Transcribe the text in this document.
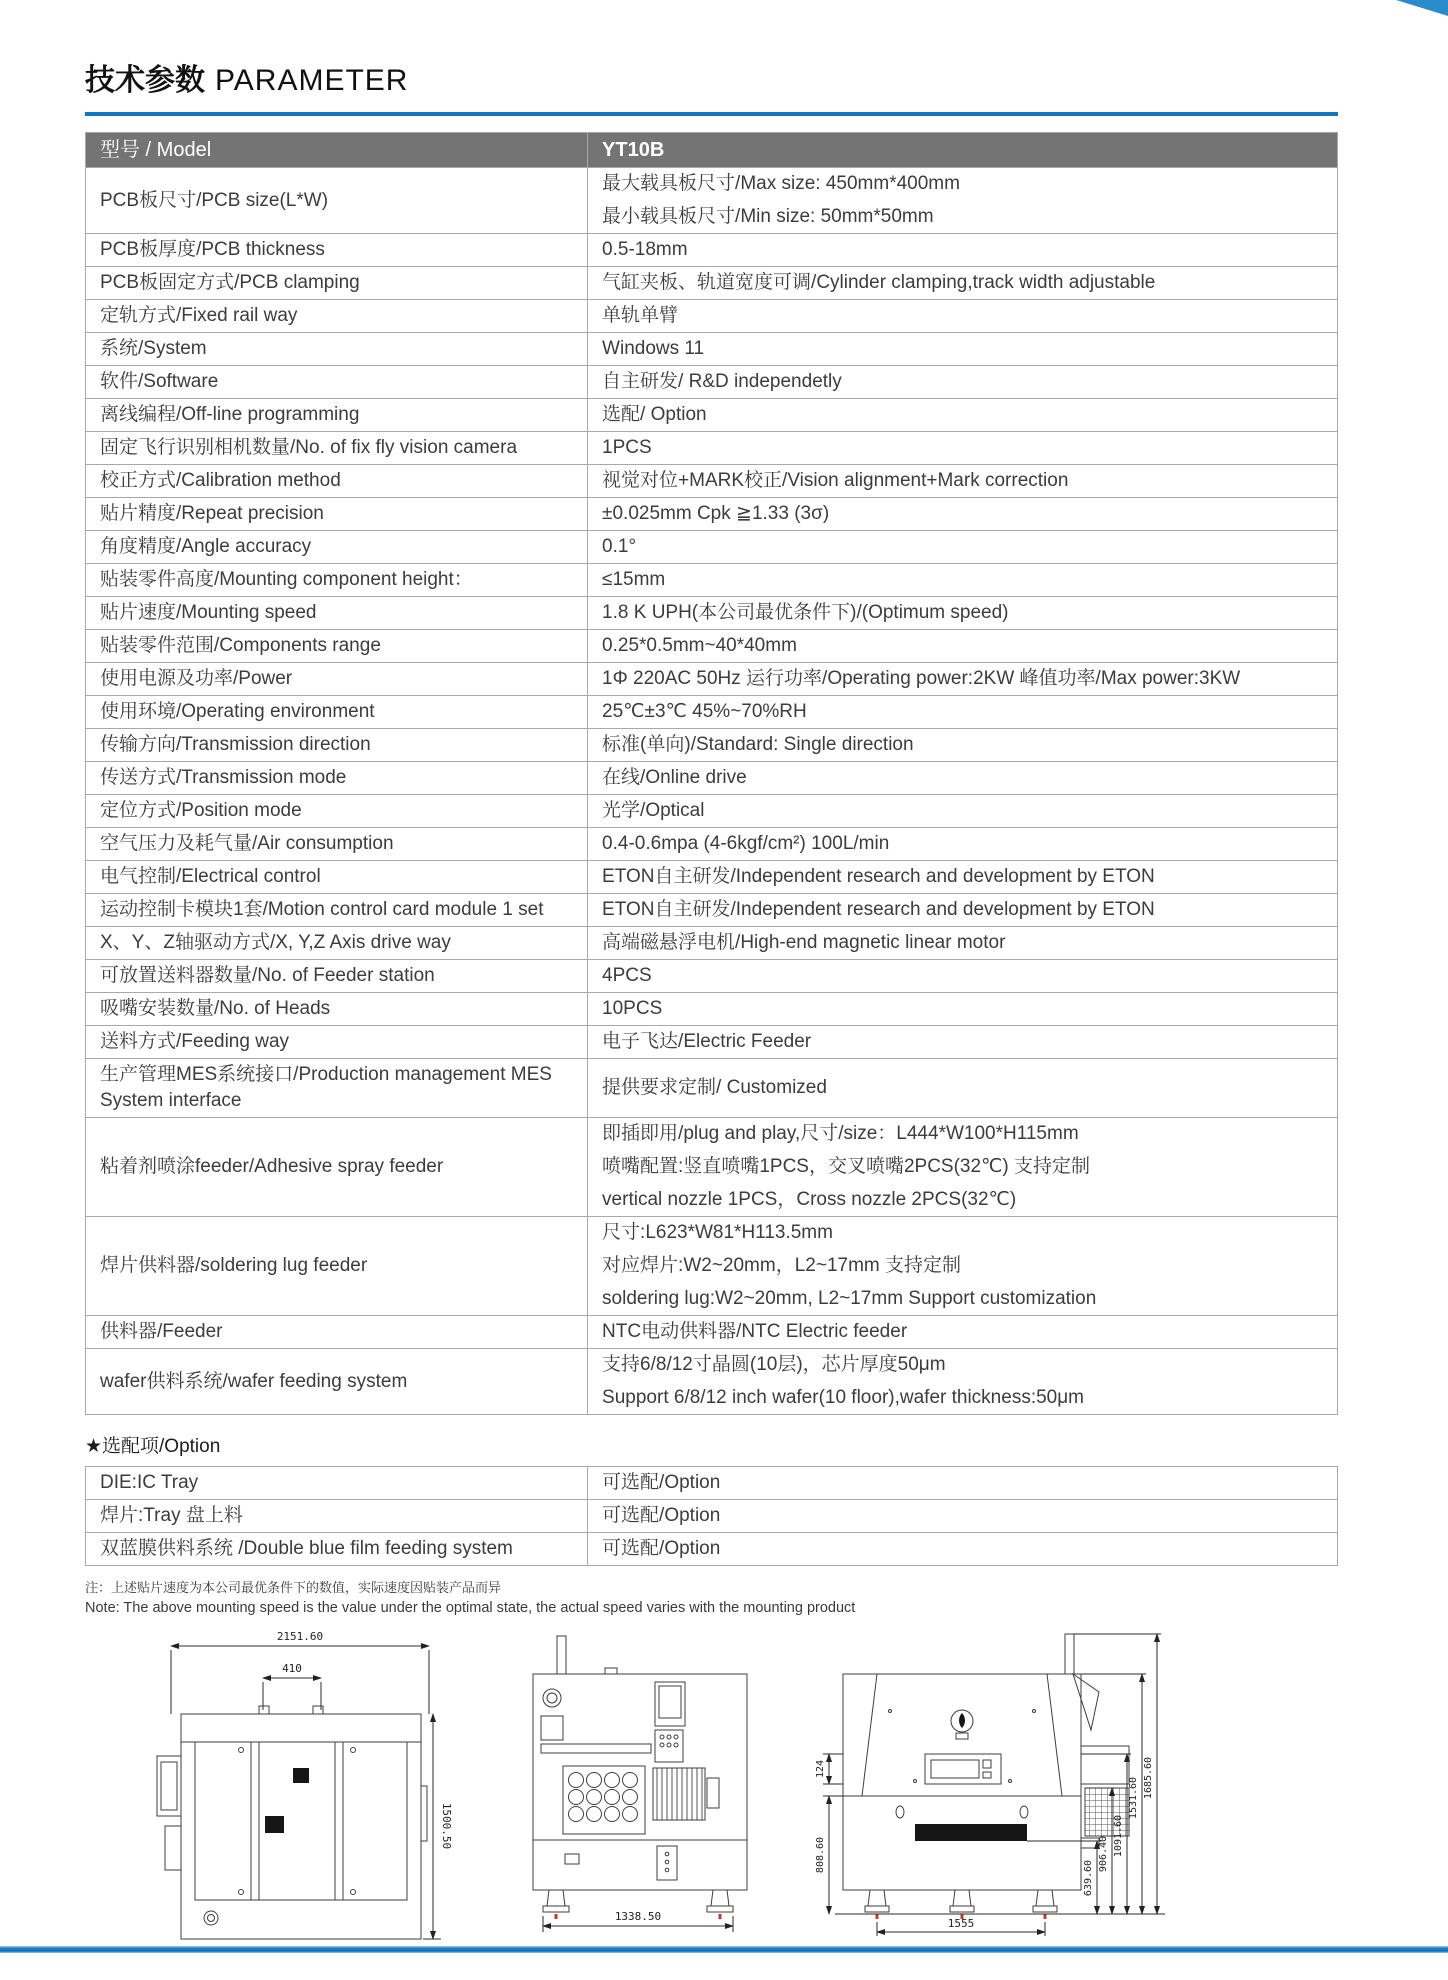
技术参数 PARAMETER
型号 / Model	YT10B
PCB板尺寸/PCB size(L*W)	最大载具板尺寸/Max size: 450mm*400mm
最小载具板尺寸/Min size: 50mm*50mm

PCB板厚度/PCB thickness	0.5-18mm

PCB板固定方式/PCB clamping	气缸夹板、轨道宽度可调/Cylinder clamping,track width adjustable

定轨方式/Fixed rail way	单轨单臂

系统/System	Windows 11

软件/Software	自主研发/ R&D independetly

离线编程/Off-line programming	选配/ Option

固定飞行识别相机数量/No. of fix fly vision camera	1PCS

校正方式/Calibration method	视觉对位+MARK校正/Vision alignment+Mark correction

贴片精度/Repeat precision	±0.025mm Cpk ≧1.33 (3σ)

角度精度/Angle accuracy	0.1°

贴装零件高度/Mounting component height：	≤15mm

贴片速度/Mounting speed	1.8 K UPH(本公司最优条件下)/(Optimum speed)

贴装零件范围/Components range	0.25*0.5mm~40*40mm

使用电源及功率/Power	1Φ 220AC 50Hz 运行功率/Operating power:2KW 峰值功率/Max power:3KW

使用环境/Operating environment	25℃±3℃ 45%~70%RH

传输方向/Transmission direction	标准(单向)/Standard: Single direction

传送方式/Transmission mode	在线/Online drive

定位方式/Position mode	光学/Optical

空气压力及耗气量/Air consumption	0.4-0.6mpa (4-6kgf/cm²) 100L/min

电气控制/Electrical control	ETON自主研发/Independent research and development by ETON

运动控制卡模块1套/Motion control card module 1 set	ETON自主研发/Independent research and development by ETON

X、Y、Z轴驱动方式/X, Y,Z Axis drive way	高端磁悬浮电机/High-end magnetic linear motor

可放置送料器数量/No. of Feeder station	4PCS

吸嘴安装数量/No. of Heads	10PCS

送料方式/Feeding way	电子飞达/Electric Feeder

生产管理MES系统接口/Production management MES System interface	提供要求定制/ Customized

粘着剂喷涂feeder/Adhesive spray feeder	即插即用/plug and play,尺寸/size：L444*W100*H115mm
喷嘴配置:竖直喷嘴1PCS，交叉喷嘴2PCS(32℃) 支持定制
vertical nozzle 1PCS，Cross nozzle 2PCS(32℃)

焊片供料器/soldering lug feeder	尺寸:L623*W81*H113.5mm
对应焊片:W2~20mm，L2~17mm 支持定制
soldering lug:W2~20mm, L2~17mm Support customization

供料器/Feeder	NTC电动供料器/NTC Electric feeder

wafer供料系统/wafer feeding system	支持6/8/12寸晶圆(10层)，芯片厚度50μm
Support 6/8/12 inch wafer(10 floor),wafer thickness:50μm
★选配项/Option
DIE:IC Tray	可选配/Option

焊片:Tray 盘上料	可选配/Option

双蓝膜供料系统 /Double blue film feeding system	可选配/Option
注：上述贴片速度为本公司最优条件下的数值，实际速度因贴装产品而异
Note: The above mounting speed is the value under the optimal state, the actual speed varies with the mounting product
2151.60
410
1500.50
1338.50
124
808.60
639.60
906.40 1091.60
1531.60 1685.60
1555
